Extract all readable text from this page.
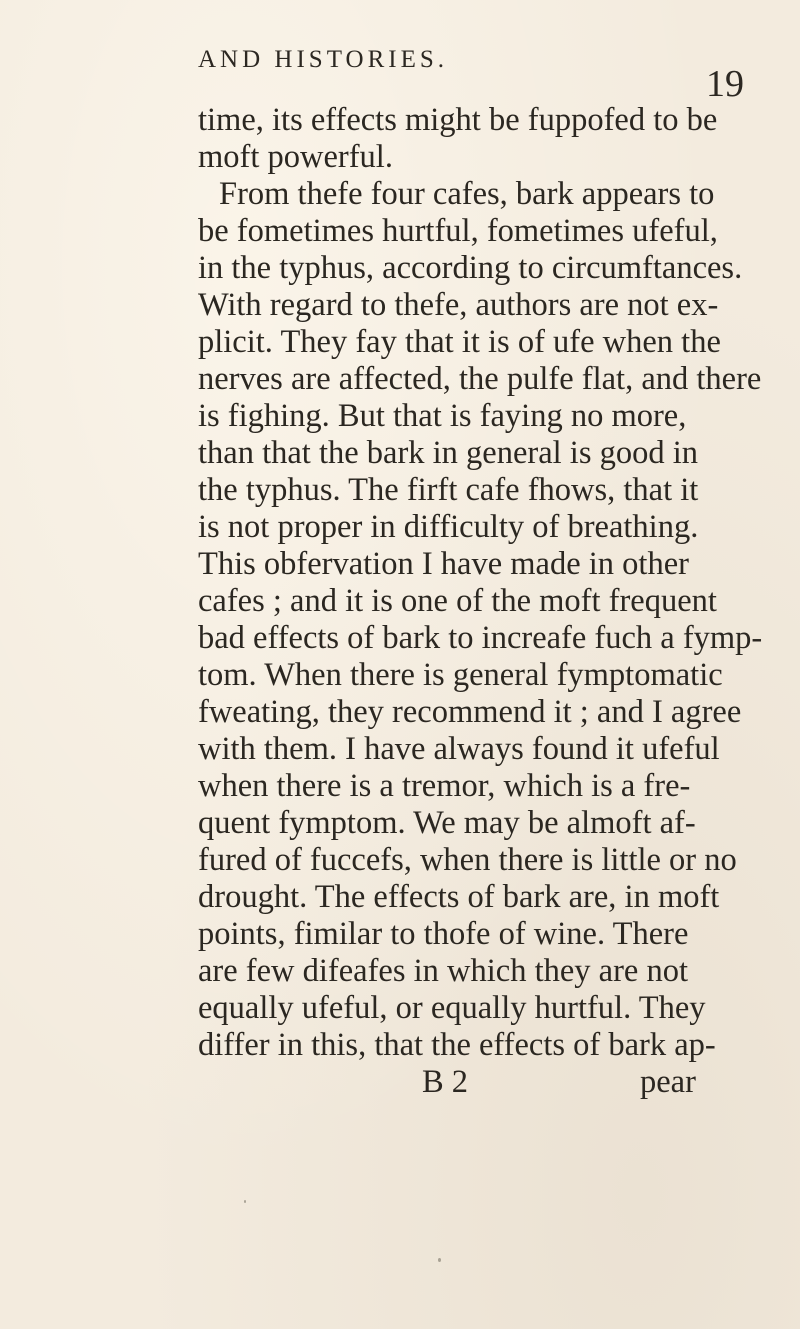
AND HISTORIES.
19
time, its effects might be fuppofed to be
moft powerful.
From thefe four cafes, bark appears to
be fometimes hurtful, fometimes ufeful,
in the typhus, according to circumftances.
With regard to thefe, authors are not ex-
plicit. They fay that it is of ufe when the
nerves are affected, the pulfe flat, and there
is fighing. But that is faying no more,
than that the bark in general is good in
the typhus. The firft cafe fhows, that it
is not proper in difficulty of breathing.
This obfervation I have made in other
cafes ; and it is one of the moft frequent
bad effects of bark to increafe fuch a fymp-
tom. When there is general fymptomatic
fweating, they recommend it ; and I agree
with them. I have always found it ufeful
when there is a tremor, which is a fre-
quent fymptom. We may be almoft af-
fured of fuccefs, when there is little or no
drought. The effects of bark are, in moft
points, fimilar to thofe of wine. There
are few difeafes in which they are not
equally ufeful, or equally hurtful. They
differ in this, that the effects of bark ap-
B 2	pear
